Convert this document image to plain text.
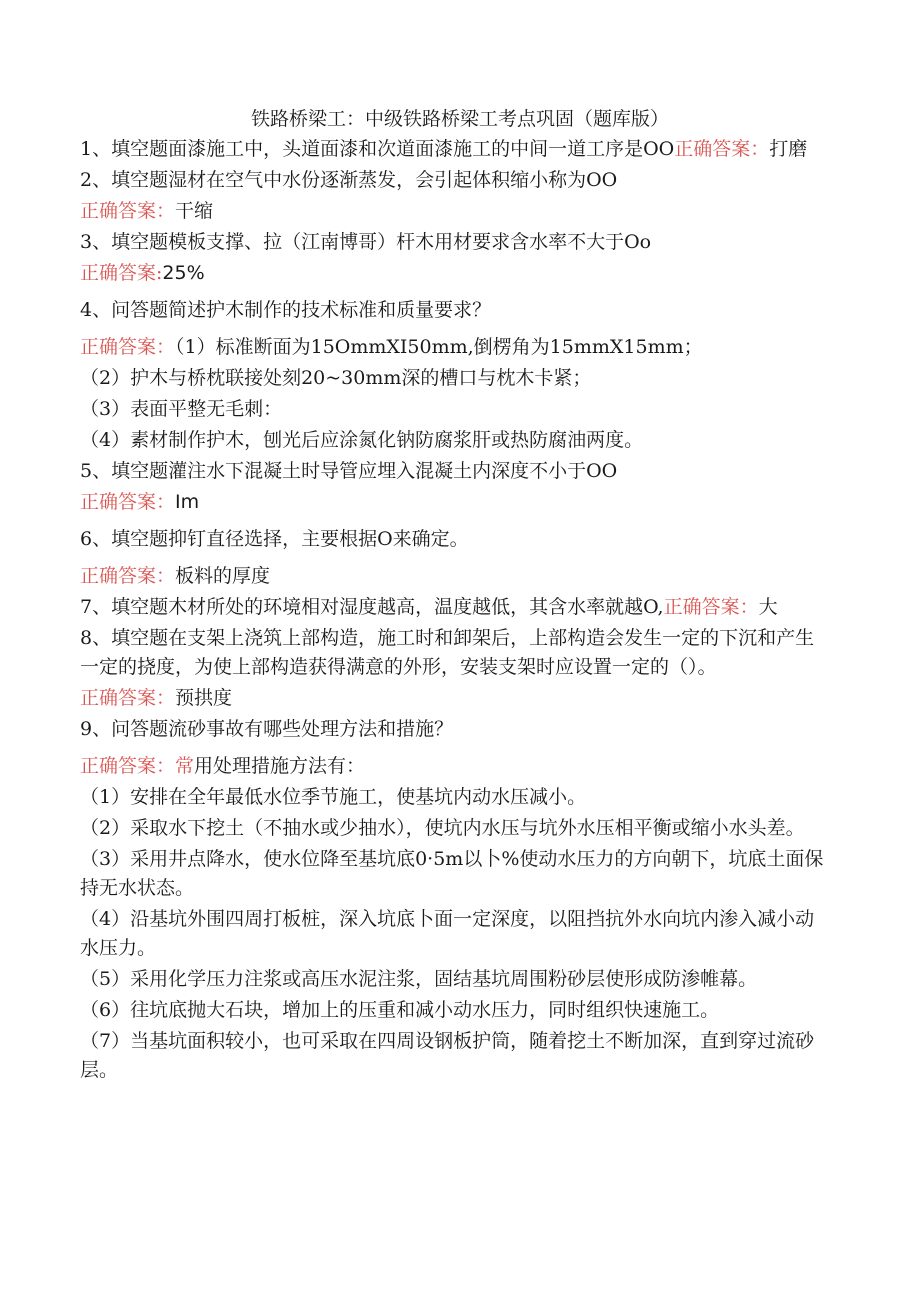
铁路桥梁工：中级铁路桥梁工考点巩固（题库版）

1、填空题面漆施工中，头道面漆和次道面漆施工的中间一道工序是OO正确答案：打磨

2、填空题湿材在空气中水份逐渐蒸发，会引起体积缩小称为OO

正确答案：干缩

3、填空题模板支撑、拉（江南博哥）杆木用材要求含水率不大于Oo

正确答案:25%

4、问答题简述护木制作的技术标准和质量要求？

正确答案：（1）标准断面为15OmmXI50mm,倒楞角为15mmX15mm；

（2）护木与桥枕联接处刻20~30mm深的槽口与枕木卡紧；

（3）表面平整无毛刺：

（4）素材制作护木，刨光后应涂氮化钠防腐浆肝或热防腐油两度。

5、填空题灌注水下混凝土时导管应埋入混凝土内深度不小于OO

正确答案：Im

6、填空题抑钉直径选择，主要根据O来确定。

正确答案：板料的厚度

7、填空题木材所处的环境相对湿度越高，温度越低，其含水率就越O,正确答案：大

8、填空题在支架上浇筑上部构造，施工时和卸架后，上部构造会发生一定的下沉和产生一定的挠度，为使上部构造获得满意的外形，安装支架时应设置一定的（）。

正确答案：预拱度

9、问答题流砂事故有哪些处理方法和措施？

正确答案：常用处理措施方法有：

（1）安排在全年最低水位季节施工，使基坑内动水压减小。

（2）采取水下挖土（不抽水或少抽水），使坑内水压与坑外水压相平衡或缩小水头差。

（3）采用井点降水，使水位降至基坑底0·5m以卜%使动水压力的方向朝下，坑底土面保持无水状态。

（4）沿基坑外围四周打板桩，深入坑底卜面一定深度，以阻挡抗外水向坑内渗入减小动水压力。

（5）采用化学压力注浆或高压水泥注浆，固结基坑周围粉砂层使形成防渗帷幕。

（6）往坑底抛大石块，增加上的压重和减小动水压力，同时组织快速施工。

（7）当基坑面积较小，也可采取在四周设钢板护筒，随着挖土不断加深，直到穿过流砂层。
